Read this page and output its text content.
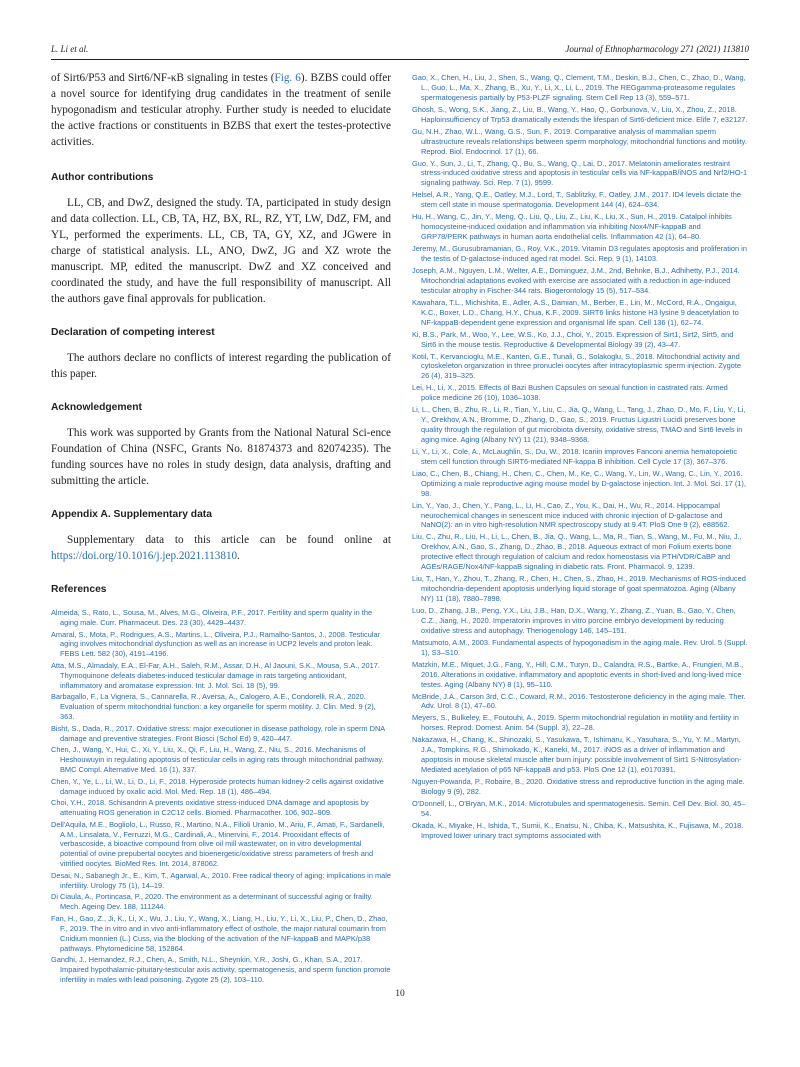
L. Li et al.	Journal of Ethnopharmacology 271 (2021) 113810

of Sirt6/P53 and Sirt6/NF-κB signaling in testes (Fig. 6). BZBS could offer a novel source for identifying drug candidates in the treatment of senile hypogonadism and testicular atrophy. Further study is needed to elucidate the active fractions or constituents in BZBS that exert the testes-protective activities.

Author contributions

LL, CB, and DwZ, designed the study. TA, participated in study design and data collection. LL, CB, TA, HZ, BX, RL, RZ, YT, LW, DdZ, FM, and YL, performed the experiments. LL, CB, TA, GY, XZ, and JGwere in charge of statistical analysis. LL, ANO, DwZ, JG and XZ wrote the manuscript. MP, edited the manuscript. DwZ and XZ conceived and coordinated the study, and have the full responsibility of manuscript. All the authors gave final approvals for publication.

Declaration of competing interest

The authors declare no conflicts of interest regarding the publication of this paper.

Acknowledgement

This work was supported by Grants from the National Natural Sci-ence Foundation of China (NSFC, Grants No. 81874373 and 82074235). The funding sources have no roles in study design, data analysis, drafting and submitting the article.

Appendix A. Supplementary data

Supplementary data to this article can be found online at https://doi.org/10.1016/j.jep.2021.113810.

References
Almeida, S., Rato, L., Sousa, M., Alves, M.G., Oliveira, P.F., 2017. Fertility and sperm quality in the aging male. Curr. Pharmaceut. Des. 23 (30), 4429–4437.
Amaral, S., Mota, P., Rodrigues, A.S., Martins, L., Oliveira, P.J., Ramalho-Santos, J., 2008. Testicular aging involves mitochondrial dysfunction as well as an increase in UCP2 levels and proton leak. FEBS Lett. 582 (30), 4191–4196.
Atta, M.S., Almadaly, E.A., El-Far, A.H., Saleh, R.M., Assar, D.H., Al Jaouni, S.K., Mousa, S.A., 2017. Thymoquinone defeats diabetes-induced testicular damage in rats targeting antioxidant, inflammatory and aromatase expression. Int. J. Mol. Sci. 18 (5), 99.
Barbagallo, F., La Vignera, S., Cannarella, R., Aversa, A., Calogero, A.E., Condorelli, R.A., 2020. Evaluation of sperm mitochondrial function: a key organelle for sperm motility. J. Clin. Med. 9 (2), 363.
Bisht, S., Dada, R., 2017. Oxidative stress: major executioner in disease pathology, role in sperm DNA damage and preventive strategies. Front Biosci (Schol Ed) 9, 420–447.
Chen, J., Wang, Y., Hui, C., Xi, Y., Liu, X., Qi, F., Liu, H., Wang, Z., Niu, S., 2016. Mechanisms of Heshouwuyin in regulating apoptosis of testicular cells in aging rats through mitochondrial pathway. BMC Compl. Alternative Med. 16 (1), 337.
Chen, Y., Ye, L., Li, W., Li, D., Li, F., 2018. Hyperoside protects human kidney-2 cells against oxidative damage induced by oxalic acid. Mol. Med. Rep. 18 (1), 486–494.
Choi, Y.H., 2018. Schisandrin A prevents oxidative stress-induced DNA damage and apoptosis by attenuating ROS generation in C2C12 cells. Biomed. Pharmacother. 106, 902–909.
Dell'Aquila, M.E., Bogliolo, L., Russo, R., Martino, N.A., Filioli Uranio, M., Ariu, F., Amati, F., Sardanelli, A.M., Linsalata, V., Ferruzzi, M.G., Cardinali, A., Minervini, F., 2014. Prooxidant effects of verbascoside, a bioactive compound from olive oil mill wastewater, on in vitro developmental potential of ovine prepubertal oocytes and bioenergetic/oxidative stress parameters of fresh and vitrified oocytes. BioMed Res. Int. 2014, 878062.
Desai, N., Sabanegh Jr., E., Kim, T., Agarwal, A., 2010. Free radical theory of aging: implications in male infertility. Urology 75 (1), 14–19.
Di Ciaula, A., Portincasa, P., 2020. The environment as a determinant of successful aging or frailty. Mech. Ageing Dev. 188, 111244.
Fan, H., Gao, Z., Ji, K., Li, X., Wu, J., Liu, Y., Wang, X., Liang, H., Liu, Y., Li, X., Liu, P., Chen, D., Zhao, F., 2019. The in vitro and in vivo anti-inflammatory effect of osthole, the major natural coumarin from Cnidium monnieri (L.) Cuss, via the blocking of the activation of the NF-kappaB and MAPK/p38 pathways. Phytomedicine 58, 152864.
Gandhi, J., Hernandez, R.J., Chen, A., Smith, N.L., Sheynkin, Y.R., Joshi, G., Khan, S.A., 2017. Impaired hypothalamic-pituitary-testicular axis activity, spermatogenesis, and sperm function promote infertility in males with lead poisoning. Zygote 25 (2), 103–110.
Gao, X., Chen, H., Liu, J., Shen, S., Wang, Q., Clement, T.M., Deskin, B.J., Chen, C., Zhao, D., Wang, L., Guo, L., Ma, X., Zhang, B., Xu, Y., Li, X., Li, L., 2019. The REGgamma-proteasome regulates spermatogenesis partially by P53-PLZF signaling. Stem Cell Rep 13 (3), 559–571.
Ghosh, S., Wong, S.K., Jiang, Z., Liu, B., Wang, Y., Hao, Q., Gorbunova, V., Liu, X., Zhou, Z., 2018. Haploinsufficiency of Trp53 dramatically extends the lifespan of Sirt6-deficient mice. Elife 7, e32127.
Gu, N.H., Zhao, W.L., Wang, G.S., Sun, F., 2019. Comparative analysis of mammalian sperm ultrastructure reveals relationships between sperm morphology, mitochondrial functions and motility. Reprod. Biol. Endocrinol. 17 (1), 66.
Guo, Y., Sun, J., Li, T., Zhang, Q., Bu, S., Wang, Q., Lai, D., 2017. Melatonin ameliorates restraint stress-induced oxidative stress and apoptosis in testicular cells via NF-kappaB/iNOS and Nrf2/HO-1 signaling pathway. Sci. Rep. 7 (1), 9599.
Helsel, A.R., Yang, Q.E., Oatley, M.J., Lord, T., Sablitzky, F., Oatley, J.M., 2017. ID4 levels dictate the stem cell state in mouse spermatogonia. Development 144 (4), 624–634.
Hu, H., Wang, C., Jin, Y., Meng, Q., Liu, Q., Liu, Z., Liu, K., Liu, X., Sun, H., 2019. Catalpol inhibits homocysteine-induced oxidation and inflammation via inhibiting Nox4/NF-kappaB and GRP78/PERK pathways in human aorta endothelial cells. Inflammation 42 (1), 64–80.
Jeremy, M., Gurusubramanian, G., Roy, V.K., 2019. Vitamin D3 regulates apoptosis and proliferation in the testis of D-galactose-induced aged rat model. Sci. Rep. 9 (1), 14103.
Joseph, A.M., Nguyen, L.M., Welter, A.E., Dominguez, J.M., 2nd, Behnke, B.J., Adhihetty, P.J., 2014. Mitochondrial adaptations evoked with exercise are associated with a reduction in age-induced testicular atrophy in Fischer-344 rats. Biogerontology 15 (5), 517–534.
Kawahara, T.L., Michishita, E., Adler, A.S., Damian, M., Berber, E., Lin, M., McCord, R.A., Ongaigui, K.C., Boxer, L.D., Chang, H.Y., Chua, K.F., 2009. SIRT6 links histone H3 lysine 9 deacetylation to NF-kappaB-dependent gene expression and organismal life span. Cell 136 (1), 62–74.
Ki, B.S., Park, M., Woo, Y., Lee, W.S., Ko, J.J., Choi, Y., 2015. Expression of Sirt1, Sirt2, Sirt5, and Sirt6 in the mouse testis. Reproductive & Developmental Biology 39 (2), 43–47.
Kotil, T., Kervancioglu, M.E., Kanten, G.E., Tunali, G., Solakoglu, S., 2018. Mitochondrial activity and cytoskeleton organization in three pronuclei oocytes after intracytoplasmic sperm injection. Zygote 26 (4), 319–325.
Lei, H., Li, X., 2015. Effects of Bazi Bushen Capsules on sexual function in castrated rats. Armed police medicine 26 (10), 1036–1038.
Li, L., Chen, B., Zhu, R., Li, R., Tian, Y., Liu, C., Jia, Q., Wang, L., Tang, J., Zhao, D., Mo, F., Liu, Y., Li, Y., Orekhov, A.N., Bromme, D., Zhang, D., Gao, S., 2019. Fructus Ligustri Lucidi preserves bone quality through the regulation of gut microbiota diversity, oxidative stress, TMAO and Sirt6 levels in aging mice. Aging (Albany NY) 11 (21), 9348–9368.
Li, Y., Li, X., Cole, A., McLaughlin, S., Du, W., 2018. Icariin improves Fanconi anemia hematopoietic stem cell function through SIRT6-mediated NF-kappa B inhibition. Cell Cycle 17 (3), 367–376.
Liao, C., Chen, B., Chiang, H., Chen, C., Chen, M., Ke, C., Wang, Y., Lin, W., Wang, C., Lin, Y., 2016. Optimizing a male reproductive aging mouse model by D-galactose injection. Int. J. Mol. Sci. 17 (1), 98.
Lin, Y., Yao, J., Chen, Y., Pang, L., Li, H., Cao, Z., You, K., Dai, H., Wu, R., 2014. Hippocampal neurochemical changes in senescent mice induced with chronic injection of D-galactose and NaNO(2): an in vitro high-resolution NMR spectroscopy study at 9.4T. PloS One 9 (2), e88562.
Liu, C., Zhu, R., Liu, H., Li, L., Chen, B., Jia, Q., Wang, L., Ma, R., Tian, S., Wang, M., Fu, M., Niu, J., Orekhov, A.N., Gao, S., Zhang, D., Zhao, B., 2018. Aqueous extract of mori Folium exerts bone protective effect through regulation of calcium and redox homeostasis via PTH/VDR/CaBP and AGEs/RAGE/Nox4/NF-kappaB signaling in diabetic rats. Front. Pharmacol. 9, 1239.
Liu, T., Han, Y., Zhou, T., Zhang, R., Chen, H., Chen, S., Zhao, H., 2019. Mechanisms of ROS-induced mitochondria-dependent apoptosis underlying liquid storage of goat spermatozoa. Aging (Albany NY) 11 (18), 7880–7898.
Luo, D., Zhang, J.B., Peng, Y.X., Liu, J.B., Han, D.X., Wang, Y., Zhang, Z., Yuan, B., Gao, Y., Chen, C.Z., Jiang, H., 2020. Imperatorin improves in vitro porcine embryo development by reducing oxidative stress and autophagy. Theriogenology 146, 145–151.
Matsumoto, A.M., 2003. Fundamental aspects of hypogonadism in the aging male. Rev. Urol. 5 (Suppl. 1), S3–S10.
Matzkin, M.E., Miquet, J.G., Fang, Y., Hill, C.M., Turyn, D., Calandra, R.S., Bartke, A., Frungieri, M.B., 2016. Alterations in oxidative, inflammatory and apoptotic events in short-lived and long-lived mice testes. Aging (Albany NY) 8 (1), 95–110.
McBride, J.A., Carson 3rd, C.C., Coward, R.M., 2016. Testosterone deficiency in the aging male. Ther. Adv. Urol. 8 (1), 47–60.
Meyers, S., Bulkeley, E., Foutouhi, A., 2019. Sperm mitochondrial regulation in motility and fertility in horses. Reprod. Domest. Anim. 54 (Suppl. 3), 22–28.
Nakazawa, H., Chang, K., Shinozaki, S., Yasukawa, T., Ishimaru, K., Yasuhara, S., Yu, Y. M., Martyn, J.A., Tompkins, R.G., Shimokado, K., Kaneki, M., 2017. iNOS as a driver of inflammation and apoptosis in mouse skeletal muscle after burn injury: possible involvement of Sirt1 S-Nitrosylation-Mediated acetylation of p65 NF-kappaB and p53. PloS One 12 (1), e0170391.
Nguyen-Powanda, P., Robaire, B., 2020. Oxidative stress and reproductive function in the aging male. Biology 9 (9), 282.
O'Donnell, L., O'Bryan, M.K., 2014. Microtubules and spermatogenesis. Semin. Cell Dev. Biol. 30, 45–54.
Okada, K., Miyake, H., Ishida, T., Sumii, K., Enatsu, N., Chiba, K., Matsushita, K., Fujisawa, M., 2018. Improved lower urinary tract symptoms associated with
10
